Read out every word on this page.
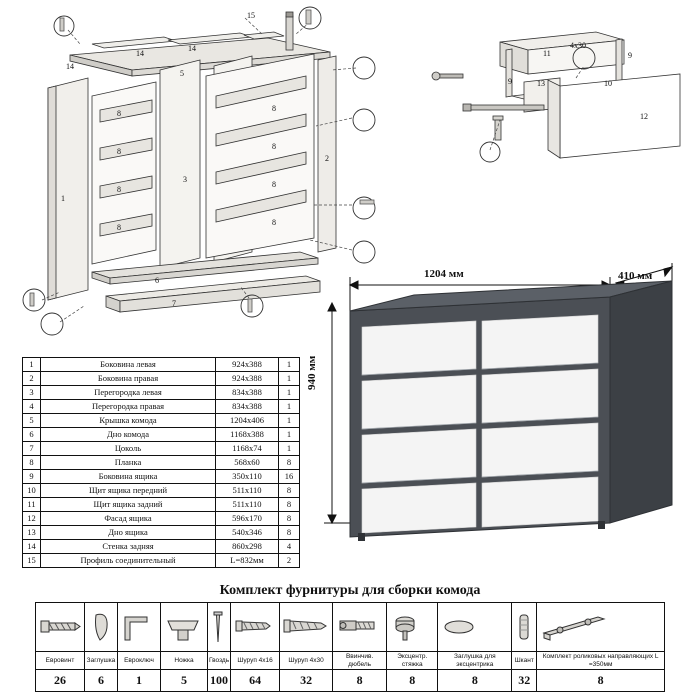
15
14
14
14
5
1
2
3
8
8
8
8
8
8
8
8
6
7
11
4х30
9
9	13	10
12
1	Боковина левая	924х388	1
2	Боковина правая	924х388	1
3	Перегородка левая	834х388	1
4	Перегородка правая	834х388	1
5	Крышка комода	1204х406	1
6	Дно комода	1168х388	1
7	Цоколь	1168х74	1
8	Планка	568х60	8
9	Боковина ящика	350х110	16
10	Щит ящика передний	511х110	8
11	Щит ящика задний	511х110	8
12	Фасад ящика	596х170	8
13	Дно ящика	540х346	8
14	Стенка задняя	860х298	4
15	Профиль соединительный	L=832мм	2
1204 мм	410 мм
940 мм
Комплект фурнитуры для сборки комода

Евровинт	Заглушка	Евроключ	Ножка	Гвоздь	Шуруп 4х16	Шуруп 4х30	Ввинчив. дюбель	Эксцентр. стяжка	Заглушка для эксцентрика	Шкант	Комплект роликовых направляющих L =350мм
26	6	1	5	100	64	32	8	8	8	32	8
